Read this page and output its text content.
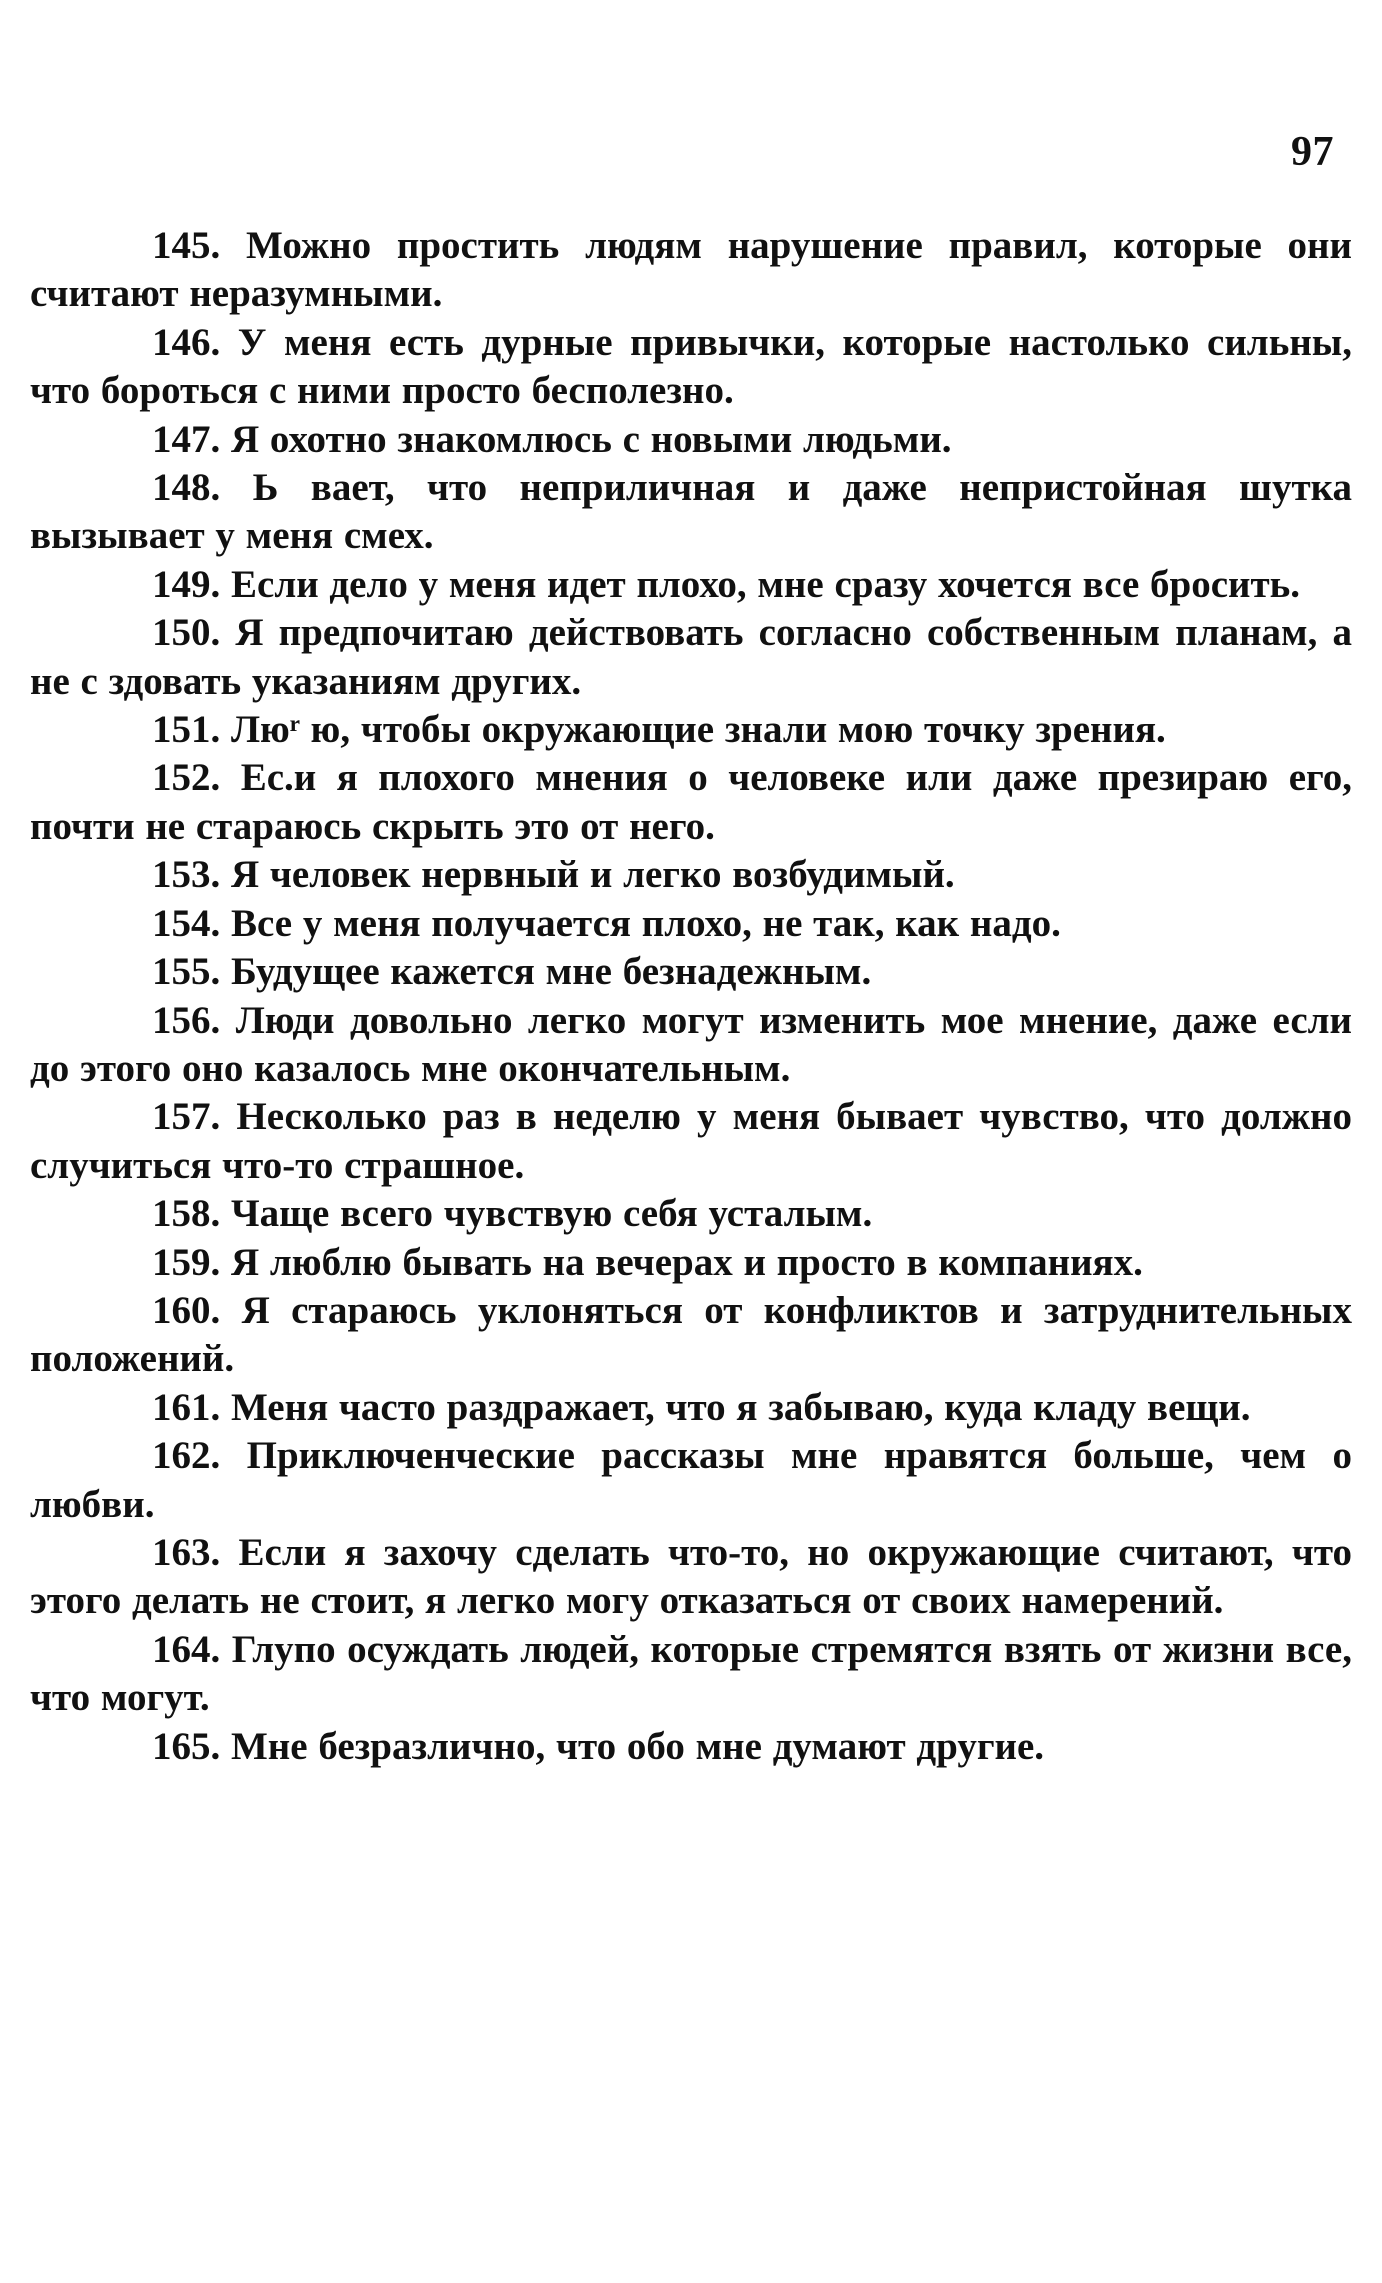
97
145. Можно простить людям нарушение правил, которые они считают неразумными.
146. У меня есть дурные привычки, которые настолько сильны, что бороться с ними просто бесполезно.
147. Я охотно знакомлюсь с новыми людьми.
148. Ь вает, что неприличная и даже непристойная шутка вызывает у меня смех.
149. Если дело у меня идет плохо, мне сразу хочется все бросить.
150. Я предпочитаю действовать согласно собственным планам, а не с здовать указаниям других.
151. Люʳ ю, чтобы окружающие знали мою точку зрения.
152. Ес.и я плохого мнения о человеке или даже презираю его, почти не стараюсь скрыть это от него.
153. Я человек нервный и легко возбудимый.
154. Все у меня получается плохо, не так, как надо.
155. Будущее кажется мне безнадежным.
156. Люди довольно легко могут изменить мое мнение, даже если до этого оно казалось мне окончательным.
157. Несколько раз в неделю у меня бывает чувство, что должно случиться что-то страшное.
158. Чаще всего чувствую себя усталым.
159. Я люблю бывать на вечерах и просто в компаниях.
160. Я стараюсь уклоняться от конфликтов и затруднительных положений.
161. Меня часто раздражает, что я забываю, куда кладу вещи.
162. Приключенческие рассказы мне нравятся больше, чем о любви.
163. Если я захочу сделать что-то, но окружающие считают, что этого делать не стоит, я легко могу отказаться от своих намерений.
164. Глупо осуждать людей, которые стремятся взять от жизни все, что могут.
165. Мне безразлично, что обо мне думают другие.
